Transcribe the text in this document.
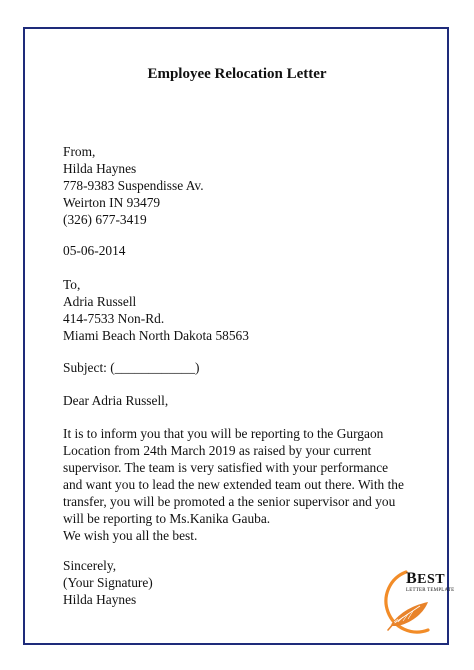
Employee Relocation Letter
From,
Hilda Haynes
778-9383 Suspendisse Av.
Weirton IN 93479
(326) 677-3419
05-06-2014
To,
Adria Russell
414-7533 Non-Rd.
Miami Beach North Dakota 58563
Subject: (____________)
Dear Adria Russell,
It is to inform you that you will be reporting to the Gurgaon
Location from 24th March 2019 as raised by your current
supervisor. The team is very satisfied with your performance
and want you to lead the new extended team out there. With the
transfer, you will be promoted a the senior supervisor and you
will be reporting to Ms.Kanika Gauba.
We wish you all the best.
Sincerely,
(Your Signature)
Hilda Haynes
BEST
LETTER TEMPLATE
